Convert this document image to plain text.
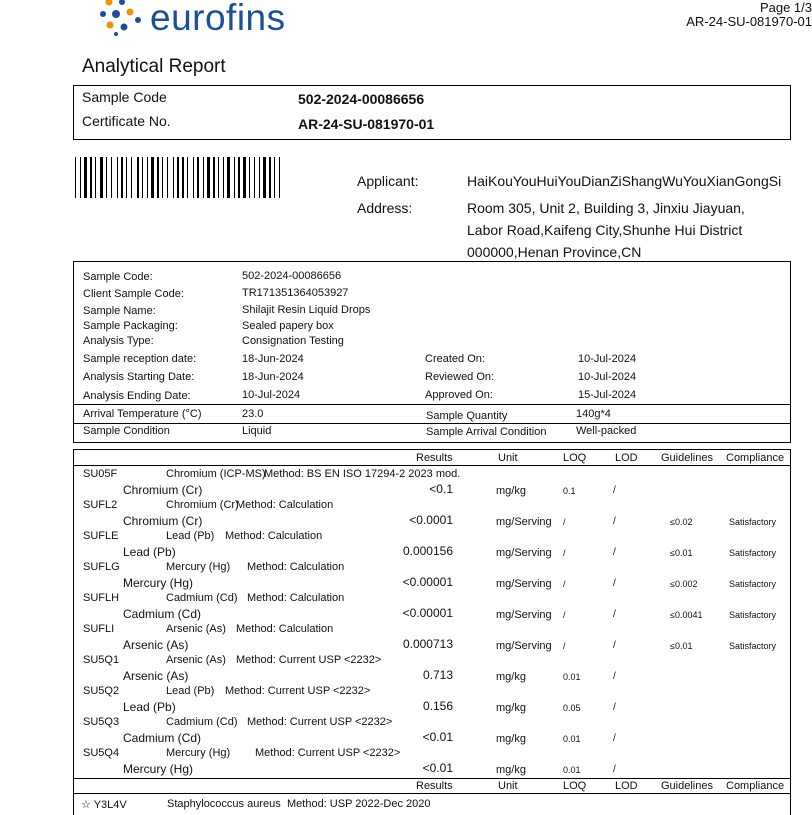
eurofins	Page 1/3
AR-24-SU-081970-01
Analytical Report
Sample Code	502-2024-00086656
Certificate No.	AR-24-SU-081970-01
Applicant:	HaiKouYouHuiYouDianZiShangWuYouXianGongSi
Address:	Room 305, Unit 2, Building 3, Jinxiu Jiayuan,
Labor Road,Kaifeng City,Shunhe Hui District
000000,Henan Province,CN
Sample Code:	502-2024-00086656
Client Sample Code:	TR171351364053927
Sample Name:	Shilajit Resin Liquid Drops
Sample Packaging:	Sealed papery box
Analysis Type:	Consignation Testing
Sample reception date:	18-Jun-2024	Created On:	10-Jul-2024
Analysis Starting Date:	18-Jun-2024	Reviewed On:	10-Jul-2024
Analysis Ending Date:	10-Jul-2024	Approved On:	15-Jul-2024
Arrival Temperature (°C)	23.0	Sample Quantity	140g*4
Sample Condition	Liquid	Sample Arrival Condition	Well-packed
Results	Unit	LOQ	LOD Guidelines Compliance
Results	Unit	LOQ	LOD Guidelines Compliance
☆ Y3L4V	Staphylococcus aureus Method: USP 2022-Dec 2020
SU05F	Chromium (ICP-MS)
Method: BS EN ISO 17294-2 2023 mod.
Chromium (Cr)	<0.1	mg/kg	0.1	/
SUFL2	Chromium (Cr)
Method: Calculation
Chromium (Cr)	<0.0001	mg/Serving /	/	≤0.02	Satisfactory
SUFLE	Lead (Pb) Method: Calculation
Lead (Pb)	0.000156	mg/Serving /	/	≤0.01	Satisfactory
SUFLG	Mercury (Hg) Method: Calculation
Mercury (Hg)	<0.00001	mg/Serving /	/	≤0.002	Satisfactory
SUFLH	Cadmium (Cd) Method: Calculation
Cadmium (Cd)	<0.00001	mg/Serving /	/	≤0.0041	Satisfactory
SUFLI	Arsenic (As) Method: Calculation
Arsenic (As)	0.000713	mg/Serving /	/	≤0.01	Satisfactory
SU5Q1	Arsenic (As) Method: Current USP <2232>
Arsenic (As)	0.713	mg/kg	0.01	/
SU5Q2	Lead (Pb) Method: Current USP <2232>
Lead (Pb)	0.156	mg/kg	0.05	/
SU5Q3	Cadmium (Cd) Method: Current USP <2232>
Cadmium (Cd)	<0.01	mg/kg	0.01	/
SU5Q4	Mercury (Hg) Method: Current USP <2232>
Mercury (Hg)	<0.01	mg/kg	0.01	/
